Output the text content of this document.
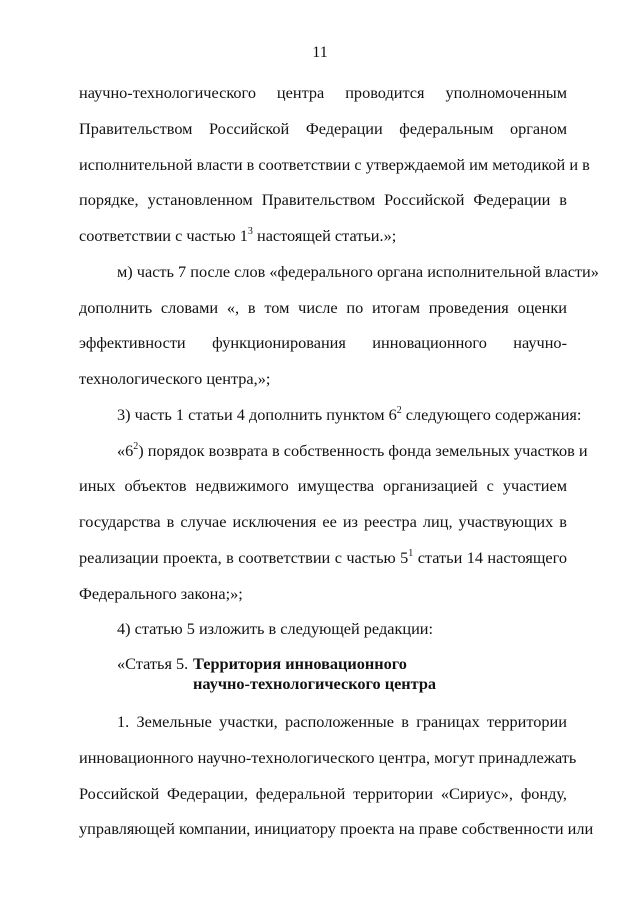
11
научно-технологического центра проводится уполномоченным
Правительством Российской Федерации федеральным органом
исполнительной власти в соответствии с утверждаемой им методикой и в
порядке, установленном Правительством Российской Федерации в
соответствии с частью $1^3$ настоящей статьи.»;
м) часть 7 после слов «федерального органа исполнительной власти»
дополнить словами «, в том числе по итогам проведения оценки
эффективности функционирования инновационного научно-
технологического центра,»;
3) часть 1 статьи 4 дополнить пунктом $6^2$ следующего содержания:
«$6^2$) порядок возврата в собственность фонда земельных участков и
иных объектов недвижимого имущества организацией с участием
государства в случае исключения ее из реестра лиц, участвующих в
реализации проекта, в соответствии с частью $5^1$ статьи 14 настоящего
Федерального закона;»;
4) статью 5 изложить в следующей редакции:
«Статья 5. Территория инновационного
научно-технологического центра
1. Земельные участки, расположенные в границах территории
инновационного научно-технологического центра, могут принадлежать
Российской Федерации, федеральной территории «Сириус», фонду,
управляющей компании, инициатору проекта на праве собственности или
